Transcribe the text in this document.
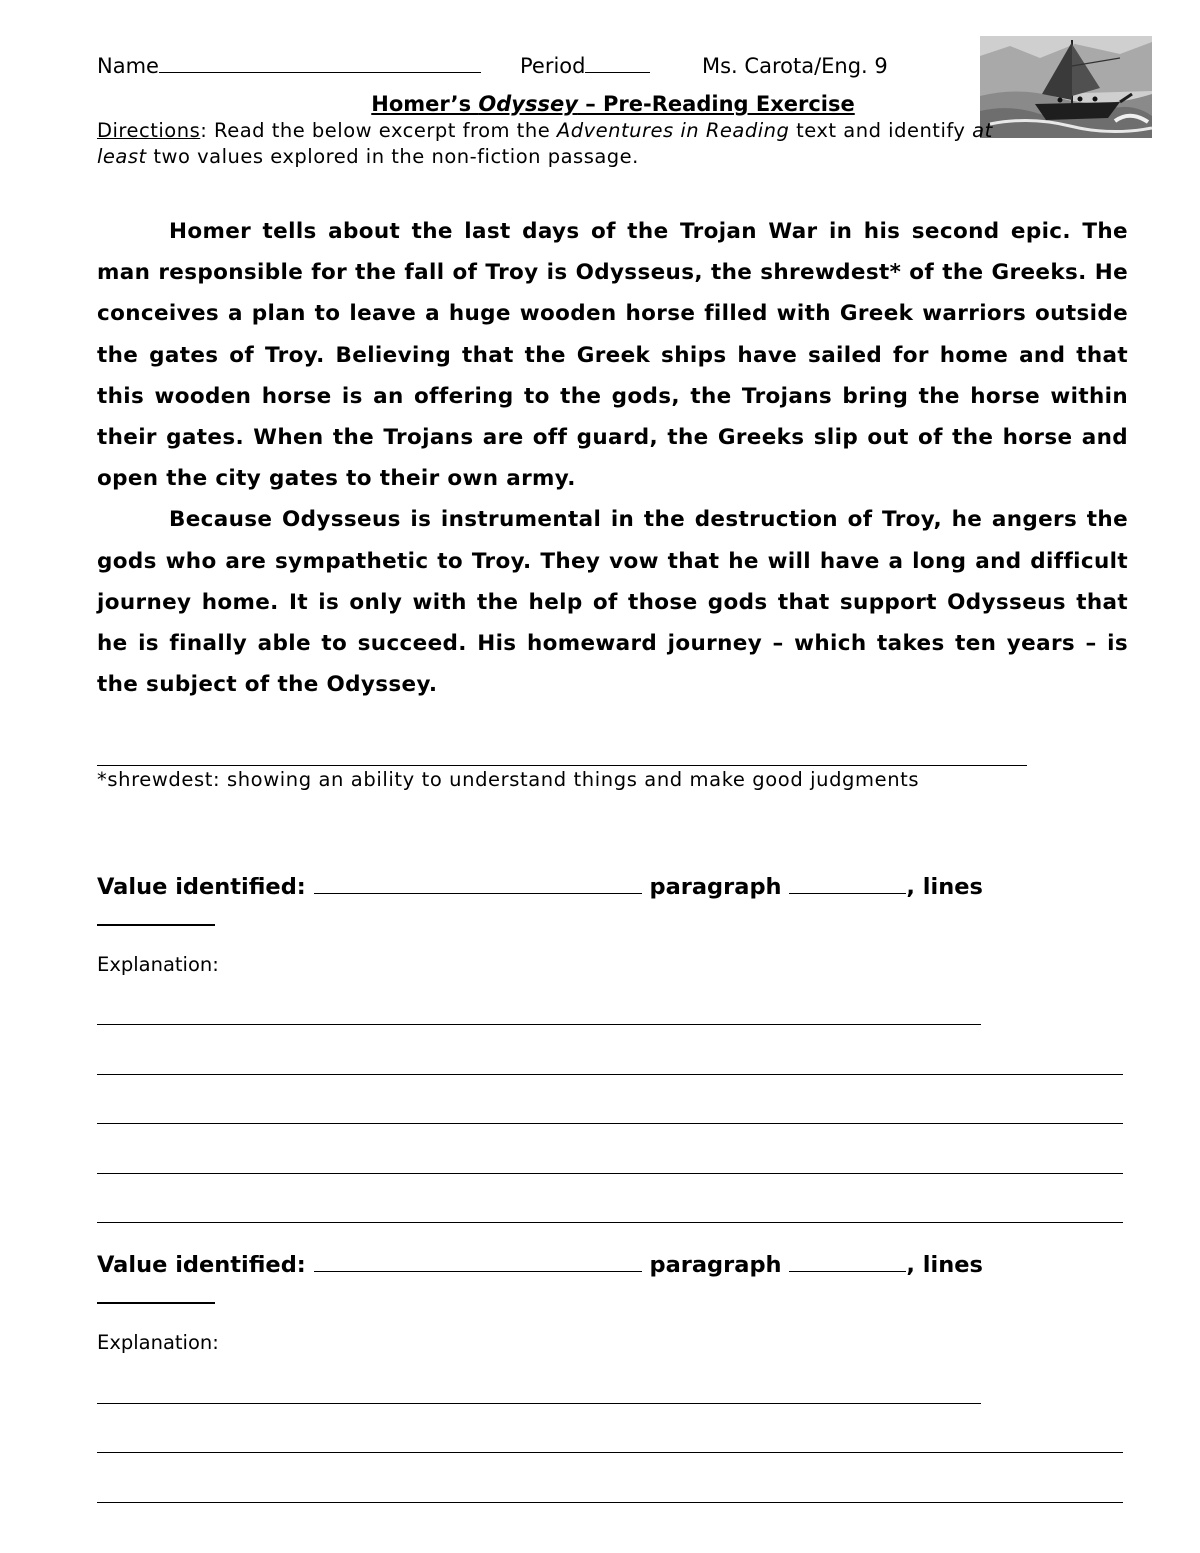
Name	Period	Ms. Carota/Eng. 9
Homer’s Odyssey – Pre-Reading Exercise
Directions: Read the below excerpt from the Adventures in Reading text and identify at least two values explored in the non-fiction passage.

Homer tells about the last days of the Trojan War in his second epic. The man responsible for the fall of Troy is Odysseus, the shrewdest* of the Greeks. He conceives a plan to leave a huge wooden horse filled with Greek warriors outside the gates of Troy. Believing that the Greek ships have sailed for home and that this wooden horse is an offering to the gods, the Trojans bring the horse within their gates. When the Trojans are off guard, the Greeks slip out of the horse and open the city gates to their own army.

Because Odysseus is instrumental in the destruction of Troy, he angers the gods who are sympathetic to Troy. They vow that he will have a long and difficult journey home. It is only with the help of those gods that support Odysseus that he is finally able to succeed. His homeward journey – which takes ten years – is the subject of the Odyssey.

*shrewdest: showing an ability to understand things and make good judgments
Value identified:	paragraph	, lines
Explanation:
Value identified:	paragraph	, lines
Explanation:
